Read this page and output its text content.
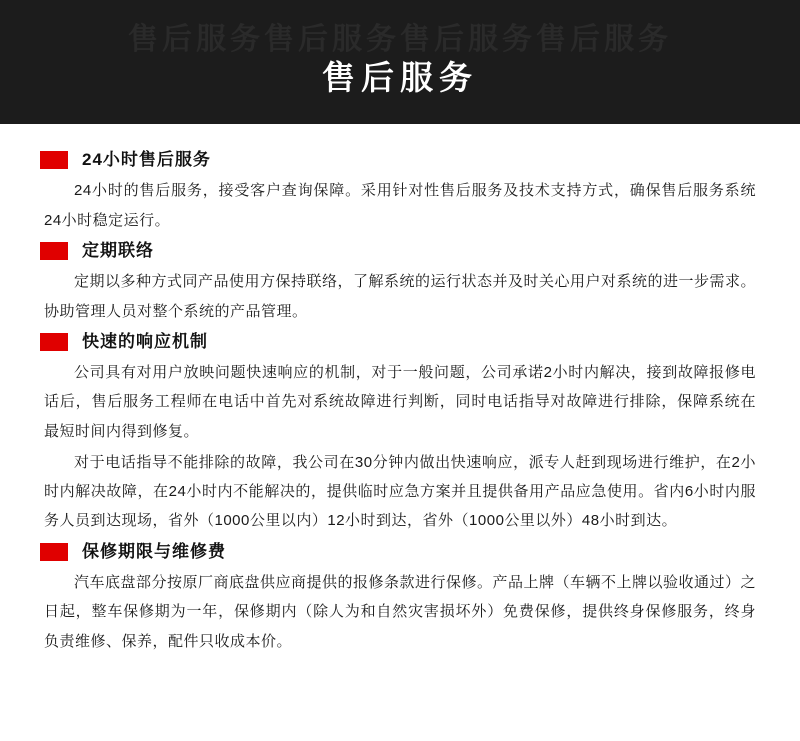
售后服务售后服务售后服务售后服务
售后服务
24小时售后服务

24小时的售后服务，接受客户查询保障。采用针对性售后服务及技术支持方式，确保售后服务系统24小时稳定运行。

定期联络

定期以多种方式同产品使用方保持联络，了解系统的运行状态并及时关心用户对系统的进一步需求。协助管理人员对整个系统的产品管理。

快速的响应机制

公司具有对用户放映问题快速响应的机制，对于一般问题，公司承诺2小时内解决，接到故障报修电话后，售后服务工程师在电话中首先对系统故障进行判断，同时电话指导对故障进行排除，保障系统在最短时间内得到修复。

对于电话指导不能排除的故障，我公司在30分钟内做出快速响应，派专人赶到现场进行维护，在2小时内解决故障，在24小时内不能解决的，提供临时应急方案并且提供备用产品应急使用。省内6小时内服务人员到达现场，省外（1000公里以内）12小时到达，省外（1000公里以外）48小时到达。

保修期限与维修费

汽车底盘部分按原厂商底盘供应商提供的报修条款进行保修。产品上牌（车辆不上牌以验收通过）之日起，整车保修期为一年，保修期内（除人为和自然灾害损坏外）免费保修，提供终身保修服务，终身负责维修、保养，配件只收成本价。
